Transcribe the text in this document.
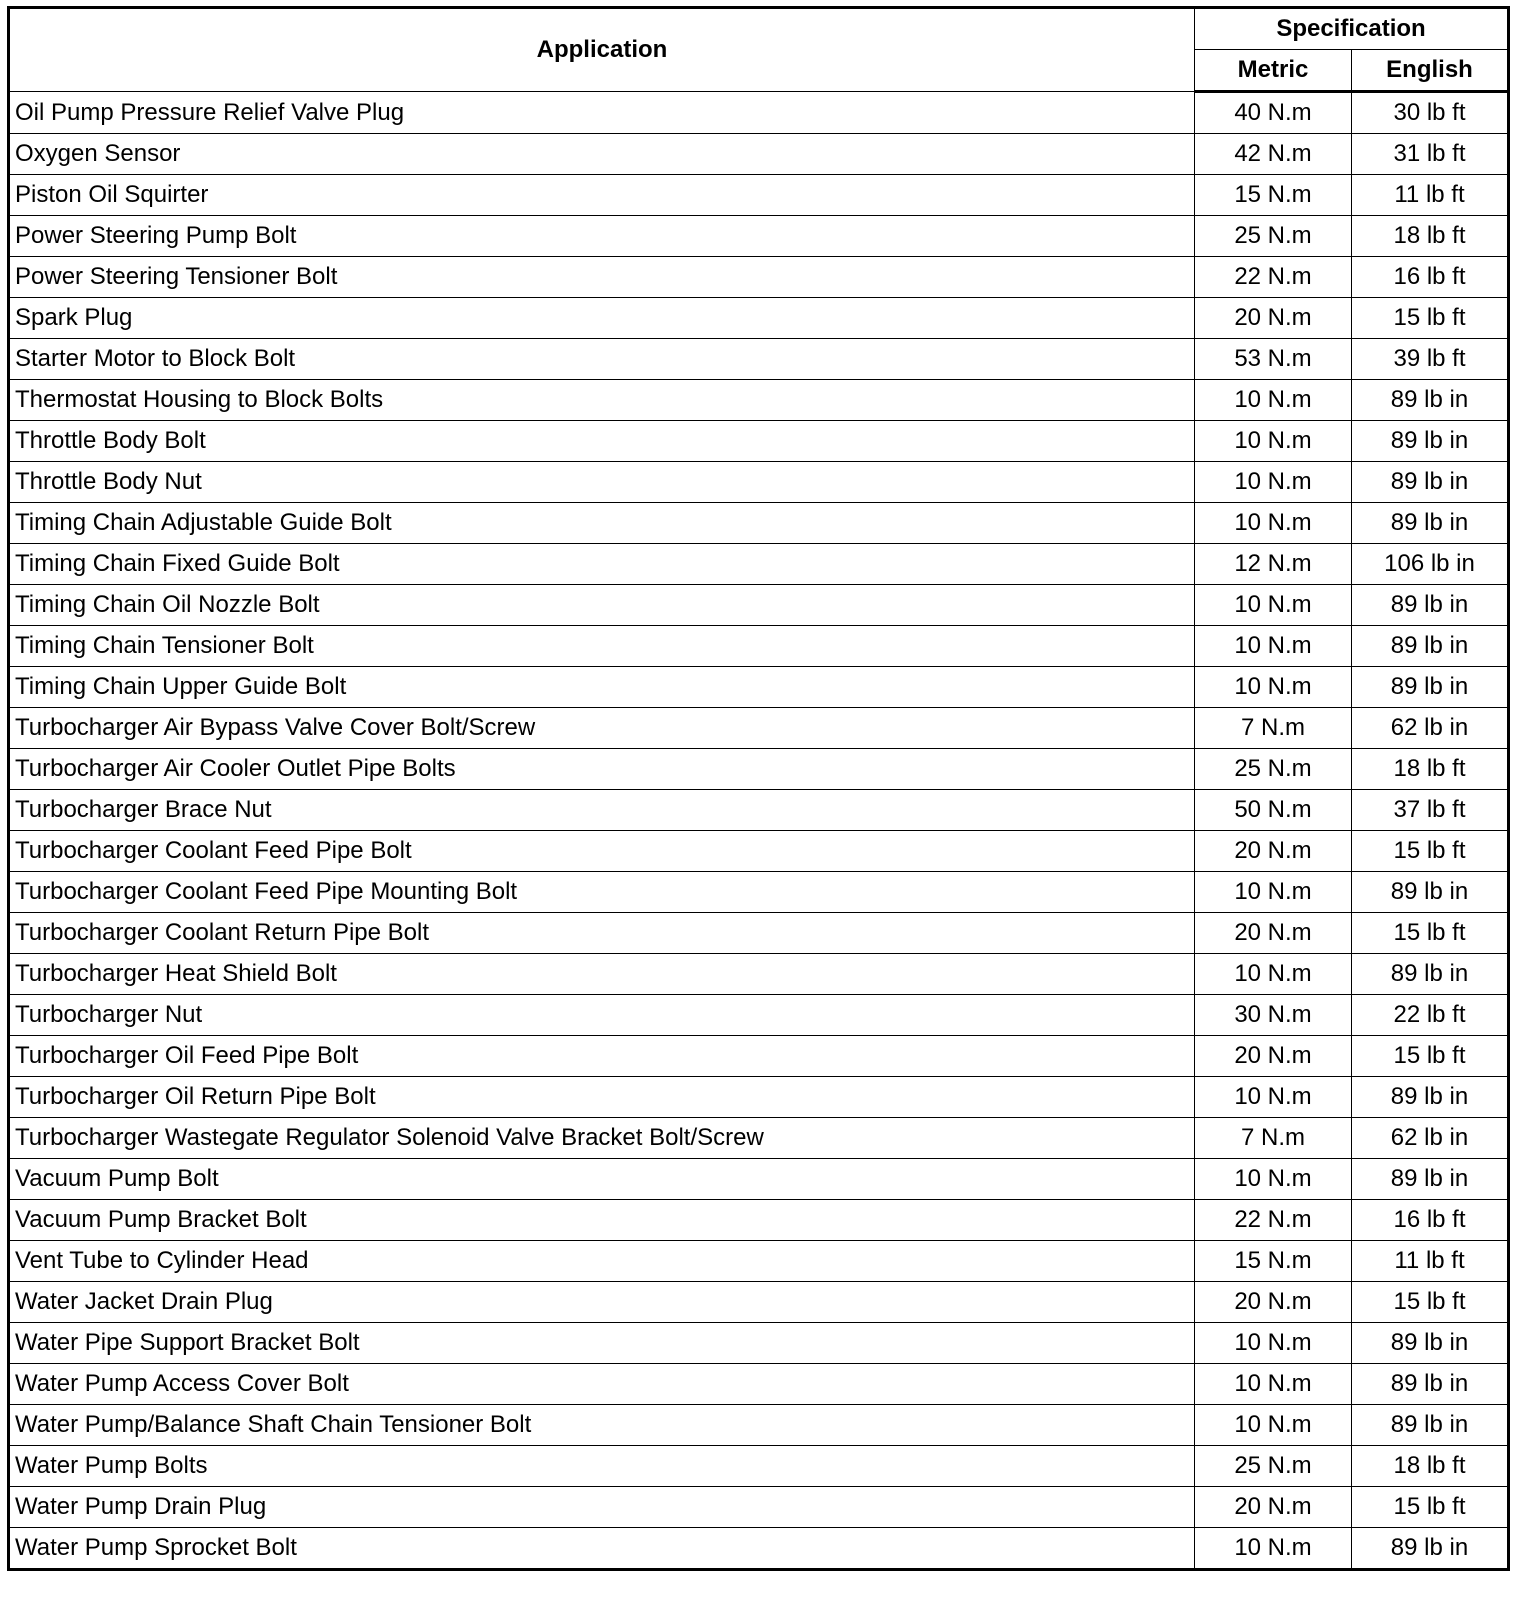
Application	Specification	
	Metric	English
Oil Pump Pressure Relief Valve Plug	40 N.m	30 lb ft
Oxygen Sensor	42 N.m	31 lb ft
Piston Oil Squirter	15 N.m	11 lb ft
Power Steering Pump Bolt	25 N.m	18 lb ft
Power Steering Tensioner Bolt	22 N.m	16 lb ft
Spark Plug	20 N.m	15 lb ft
Starter Motor to Block Bolt	53 N.m	39 lb ft
Thermostat Housing to Block Bolts	10 N.m	89 lb in
Throttle Body Bolt	10 N.m	89 lb in
Throttle Body Nut	10 N.m	89 lb in
Timing Chain Adjustable Guide Bolt	10 N.m	89 lb in
Timing Chain Fixed Guide Bolt	12 N.m	106 lb in
Timing Chain Oil Nozzle Bolt	10 N.m	89 lb in
Timing Chain Tensioner Bolt	10 N.m	89 lb in
Timing Chain Upper Guide Bolt	10 N.m	89 lb in
Turbocharger Air Bypass Valve Cover Bolt/Screw	7 N.m	62 lb in
Turbocharger Air Cooler Outlet Pipe Bolts	25 N.m	18 lb ft
Turbocharger Brace Nut	50 N.m	37 lb ft
Turbocharger Coolant Feed Pipe Bolt	20 N.m	15 lb ft
Turbocharger Coolant Feed Pipe Mounting Bolt	10 N.m	89 lb in
Turbocharger Coolant Return Pipe Bolt	20 N.m	15 lb ft
Turbocharger Heat Shield Bolt	10 N.m	89 lb in
Turbocharger Nut	30 N.m	22 lb ft
Turbocharger Oil Feed Pipe Bolt	20 N.m	15 lb ft
Turbocharger Oil Return Pipe Bolt	10 N.m	89 lb in
Turbocharger Wastegate Regulator Solenoid Valve Bracket Bolt/Screw	7 N.m	62 lb in
Vacuum Pump Bolt	10 N.m	89 lb in
Vacuum Pump Bracket Bolt	22 N.m	16 lb ft
Vent Tube to Cylinder Head	15 N.m	11 lb ft
Water Jacket Drain Plug	20 N.m	15 lb ft
Water Pipe Support Bracket Bolt	10 N.m	89 lb in
Water Pump Access Cover Bolt	10 N.m	89 lb in
Water Pump/Balance Shaft Chain Tensioner Bolt	10 N.m	89 lb in
Water Pump Bolts	25 N.m	18 lb ft
Water Pump Drain Plug	20 N.m	15 lb ft
Water Pump Sprocket Bolt	10 N.m	89 lb in
